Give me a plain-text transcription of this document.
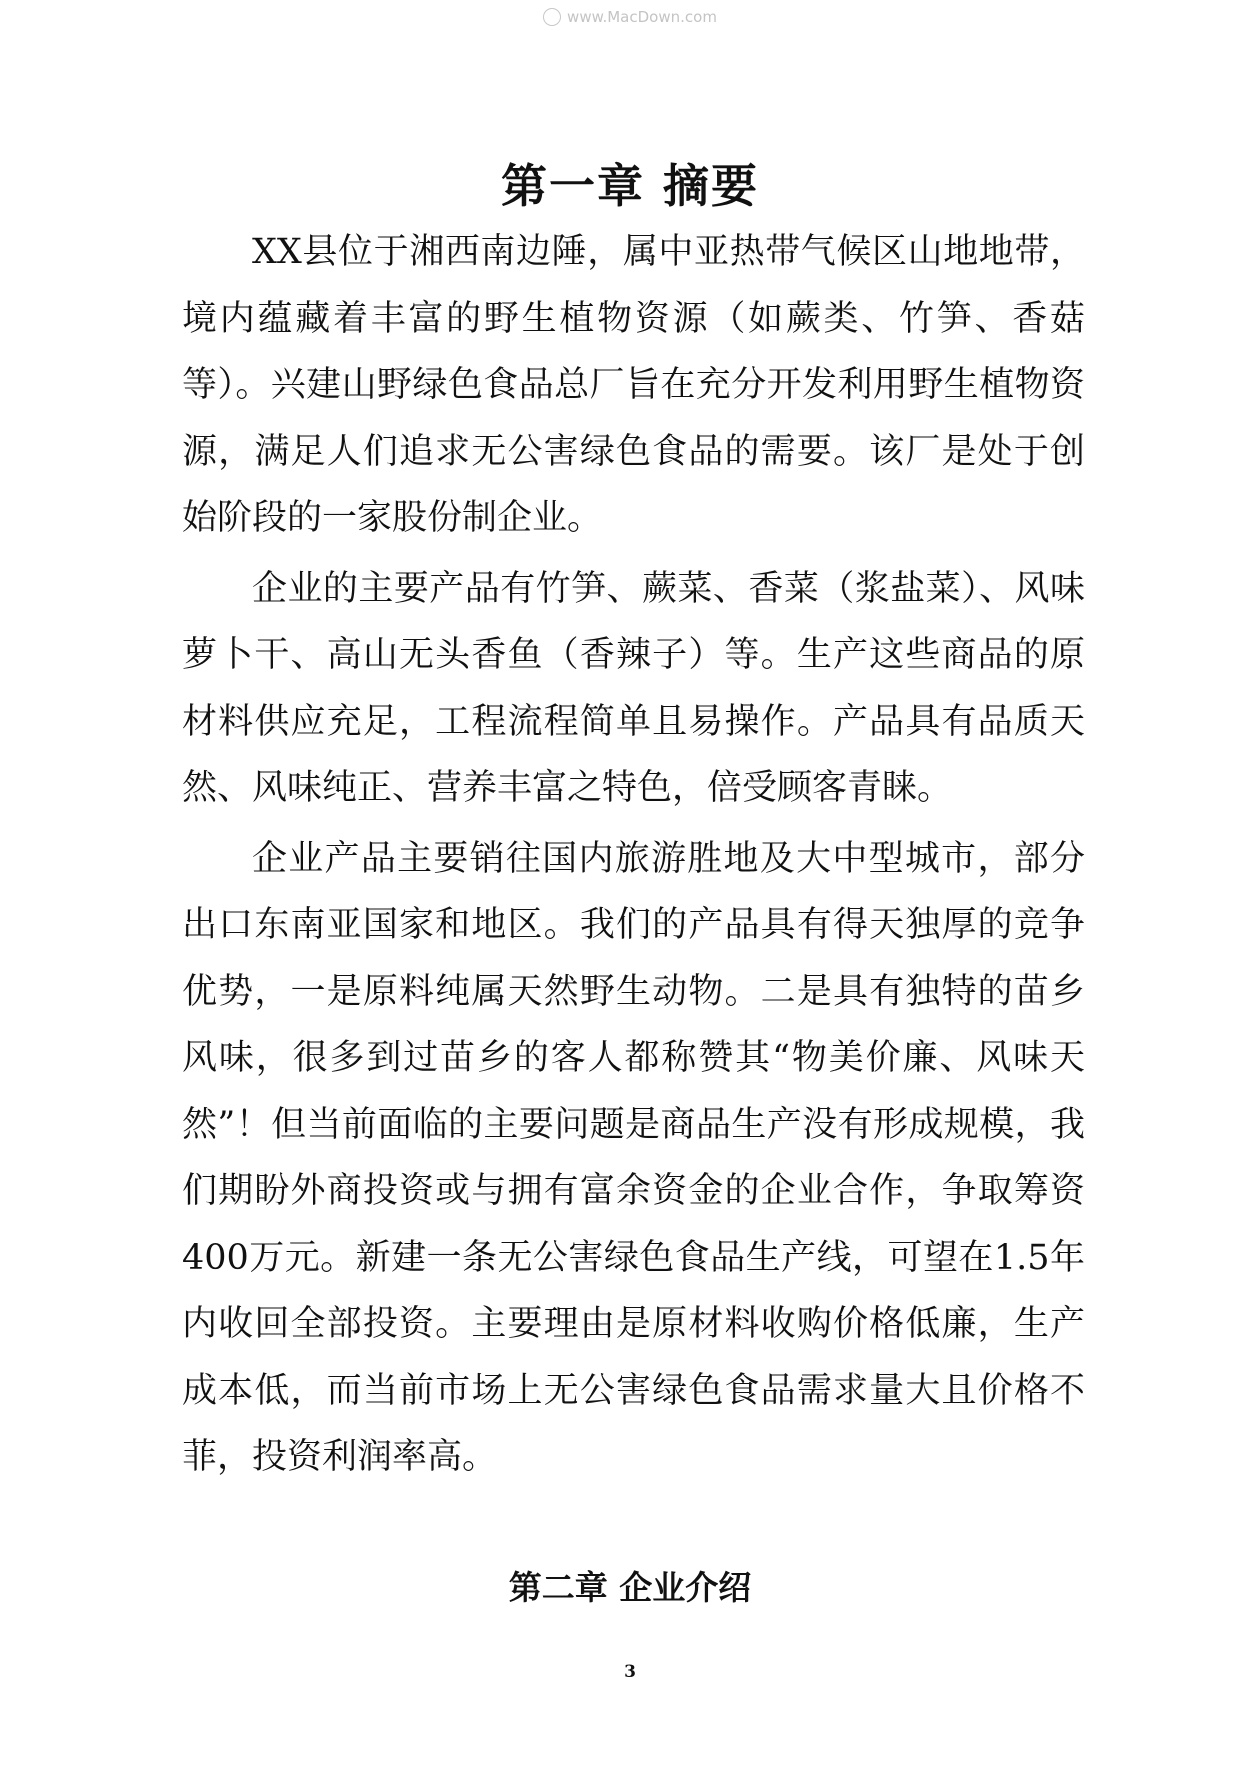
www.MacDown.com
第一章 摘要

XX县位于湘西南边陲，属中亚热带气候区山地地带，境内蕴藏着丰富的野生植物资源（如蕨类、竹笋、香菇等）。兴建山野绿色食品总厂旨在充分开发利用野生植物资源，满足人们追求无公害绿色食品的需要。该厂是处于创始阶段的一家股份制企业。

企业的主要产品有竹笋、蕨菜、香菜（浆盐菜）、风味萝卜干、高山无头香鱼（香辣子）等。生产这些商品的原材料供应充足，工程流程简单且易操作。产品具有品质天然、风味纯正、营养丰富之特色，倍受顾客青睐。

企业产品主要销往国内旅游胜地及大中型城市，部分出口东南亚国家和地区。我们的产品具有得天独厚的竞争优势，一是原料纯属天然野生动物。二是具有独特的苗乡风味，很多到过苗乡的客人都称赞其“物美价廉、风味天然”！但当前面临的主要问题是商品生产没有形成规模，我们期盼外商投资或与拥有富余资金的企业合作，争取筹资400万元。新建一条无公害绿色食品生产线，可望在1.5年内收回全部投资。主要理由是原材料收购价格低廉，生产成本低，而当前市场上无公害绿色食品需求量大且价格不菲，投资利润率高。

第二章 企业介绍
3
